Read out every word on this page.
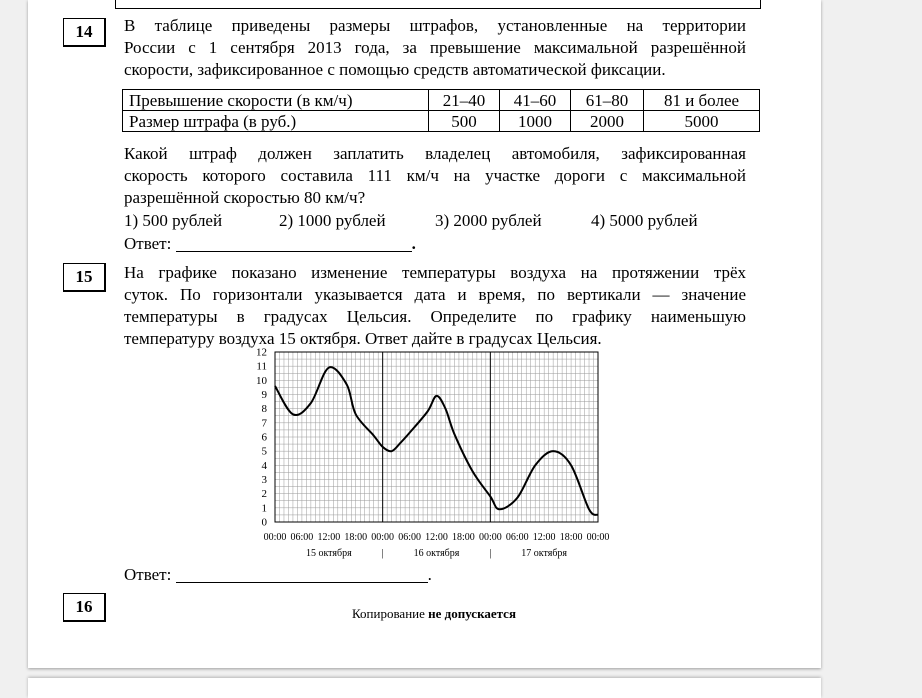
14	В таблице приведены размеры штрафов, установленные на территории
России с 1 сентября 2013 года, за превышение максимальной разрешённой
скорости, зафиксированное с помощью средств автоматической фиксации.
Превышение скорости (в км/ч)	21–40	41–60	61–80	81 и более
Размер штрафа (в руб.)	500	1000	2000	5000
Какой штраф должен заплатить владелец автомобиля, зафиксированная
скорость которого составила 111 км/ч на участке дороги с максимальной
разрешённой скоростью 80 км/ч?
1) 500 рублей	2) 1000 рублей	3) 2000 рублей	4) 5000 рублей
Ответ:	.
15	На графике показано изменение температуры воздуха на протяжении трёх
суток. По горизонтали указывается дата и время, по вертикали — значение
температуры в градусах Цельсия. Определите по графику наименьшую
температуру воздуха 15 октября. Ответ дайте в градусах Цельсия.
0
1
2
3
4
5
6
7
8
9
10
11
12
00:00 06:00 12:00 18:00 00:00 06:00 12:00 18:00 00:00 06:00 12:00 18:00 00:00
15 октября	16 октября	17 октября
|	|
Ответ:	.
16	Копирование не допускается
